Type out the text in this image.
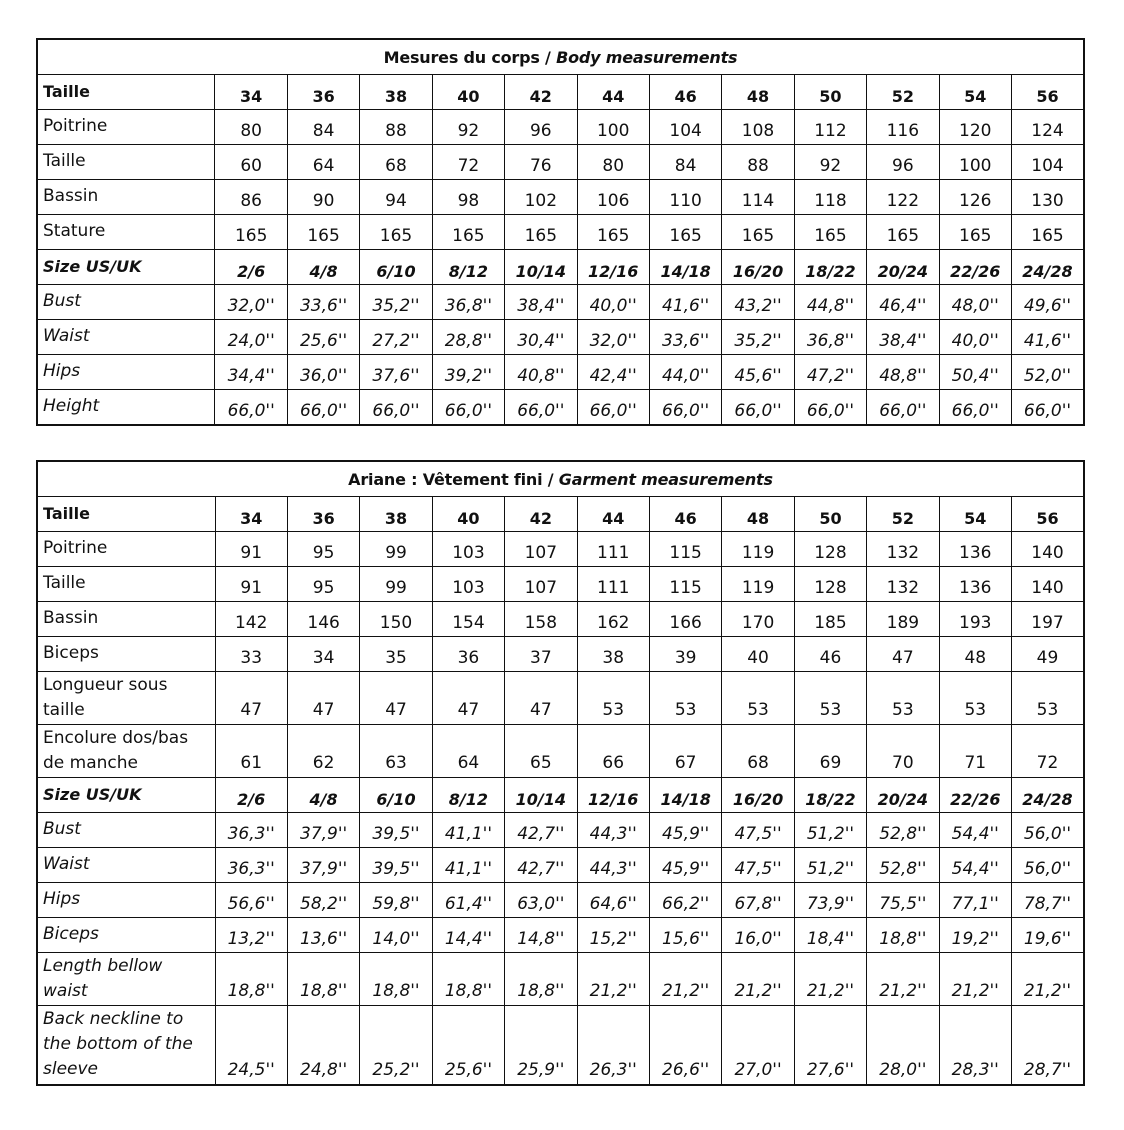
Mesures du corps / Body measurements												
Taille	34	36	38	40	42	44	46	48	50	52	54	56
Poitrine	80	84	88	92	96	100	104	108	112	116	120	124
Taille	60	64	68	72	76	80	84	88	92	96	100	104
Bassin	86	90	94	98	102	106	110	114	118	122	126	130
Stature	165	165	165	165	165	165	165	165	165	165	165	165
Size US/UK	2/6	4/8	6/10	8/12	10/14	12/16	14/18	16/20	18/22	20/24	22/26	24/28
Bust	32,0''	33,6''	35,2''	36,8''	38,4''	40,0''	41,6''	43,2''	44,8''	46,4''	48,0''	49,6''
Waist	24,0''	25,6''	27,2''	28,8''	30,4''	32,0''	33,6''	35,2''	36,8''	38,4''	40,0''	41,6''
Hips	34,4''	36,0''	37,6''	39,2''	40,8''	42,4''	44,0''	45,6''	47,2''	48,8''	50,4''	52,0''
Height	66,0''	66,0''	66,0''	66,0''	66,0''	66,0''	66,0''	66,0''	66,0''	66,0''	66,0''	66,0''
Ariane : Vêtement fini / Garment measurements												
Taille	34	36	38	40	42	44	46	48	50	52	54	56
Poitrine	91	95	99	103	107	111	115	119	128	132	136	140
Taille	91	95	99	103	107	111	115	119	128	132	136	140
Bassin	142	146	150	154	158	162	166	170	185	189	193	197
Biceps	33	34	35	36	37	38	39	40	46	47	48	49
Longueur sous taille	47	47	47	47	47	53	53	53	53	53	53	53
Encolure dos/bas de manche	61	62	63	64	65	66	67	68	69	70	71	72
Size US/UK	2/6	4/8	6/10	8/12	10/14	12/16	14/18	16/20	18/22	20/24	22/26	24/28
Bust	36,3''	37,9''	39,5''	41,1''	42,7''	44,3''	45,9''	47,5''	51,2''	52,8''	54,4''	56,0''
Waist	36,3''	37,9''	39,5''	41,1''	42,7''	44,3''	45,9''	47,5''	51,2''	52,8''	54,4''	56,0''
Hips	56,6''	58,2''	59,8''	61,4''	63,0''	64,6''	66,2''	67,8''	73,9''	75,5''	77,1''	78,7''
Biceps	13,2''	13,6''	14,0''	14,4''	14,8''	15,2''	15,6''	16,0''	18,4''	18,8''	19,2''	19,6''
Length bellow waist	18,8''	18,8''	18,8''	18,8''	18,8''	21,2''	21,2''	21,2''	21,2''	21,2''	21,2''	21,2''
Back neckline to the bottom of the sleeve	24,5''	24,8''	25,2''	25,6''	25,9''	26,3''	26,6''	27,0''	27,6''	28,0''	28,3''	28,7''
